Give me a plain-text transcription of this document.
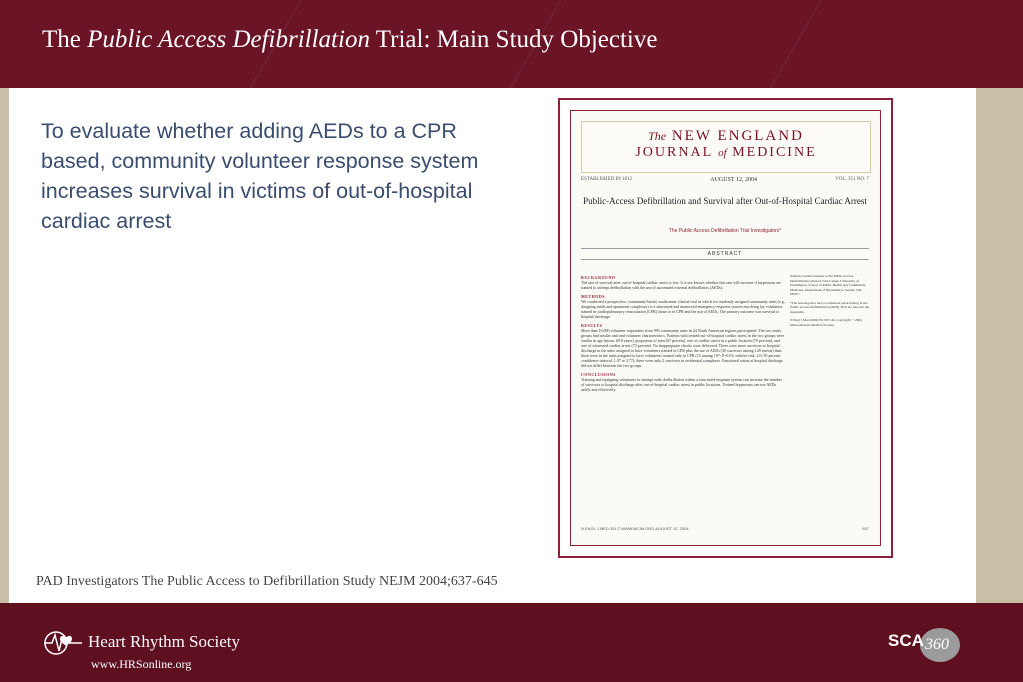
The Public Access Defibrillation Trial: Main Study Objective

To evaluate whether adding AEDs to a CPR based, community volunteer response system increases survival in victims of out-of-hospital cardiac arrest

The NEW ENGLAND
JOURNAL of MEDICINE
ESTABLISHED IN 1812	AUGUST 12, 2004	VOL. 351 NO. 7
Public-Access Defibrillation and Survival after Out-of-Hospital Cardiac Arrest
The Public Access Defibrillation Trial Investigators*
ABSTRACT
BACKGROUND
The rate of survival after out-of-hospital cardiac arrest is low. It is not known whether this rate will increase if laypersons are trained to attempt defibrillation with the use of automated external defibrillators (AEDs).
METHODS
We conducted a prospective, community-based, multicenter clinical trial in which we randomly assigned community units (e.g., shopping malls and apartment complexes) to a structured and monitored emergency-response system involving lay volunteers trained in cardiopulmonary resuscitation (CPR) alone or in CPR and the use of AEDs. The primary outcome was survival to hospital discharge.
RESULTS
More than 19,000 volunteer responders from 993 community units in 24 North American regions participated. The two study groups had similar unit and volunteer characteristics. Patients with treated out-of-hospital cardiac arrest in the two groups were similar in age (mean, 69.8 years), proportion of men (67 percent), rate of cardiac arrest in a public location (70 percent), and rate of witnessed cardiac arrest (72 percent). No inappropriate shocks were delivered. There were more survivors to hospital discharge in the units assigned to have volunteers trained in CPR plus the use of AEDs (30 survivors among 128 arrests) than there were in the units assigned to have volunteers trained only in CPR (15 among 107; P=0.03; relative risk, 2.0; 95 percent confidence interval, 1.07 to 3.77); there were only 2 survivors in residential complexes. Functional status at hospital discharge did not differ between the two groups.
CONCLUSIONS
Training and equipping volunteers to attempt early defibrillation within a structured response system can increase the number of survivors to hospital discharge after out-of-hospital cardiac arrest in public locations. Trained laypersons can use AEDs safely and effectively.
Address reprint requests to the Public Access Defibrillation Clinical Trial Center, University of Washington, School of Public Health and Community Medicine, Department of Biostatistics, Seattle, WA 98105.
*The investigators and coordinators participating in the Public Access Defibrillation (PAD) Trial are listed in the Appendix.
N Engl J Med 2004;351:637-46. Copyright © 2004 Massachusetts Medical Society.
N ENGL J MED 351;7 WWW.NEJM.ORG AUGUST 12, 2004	637

PAD Investigators The Public Access to Defibrillation Study NEJM 2004;637-645

Heart Rhythm Society
www.HRSonline.org
SCA 360
